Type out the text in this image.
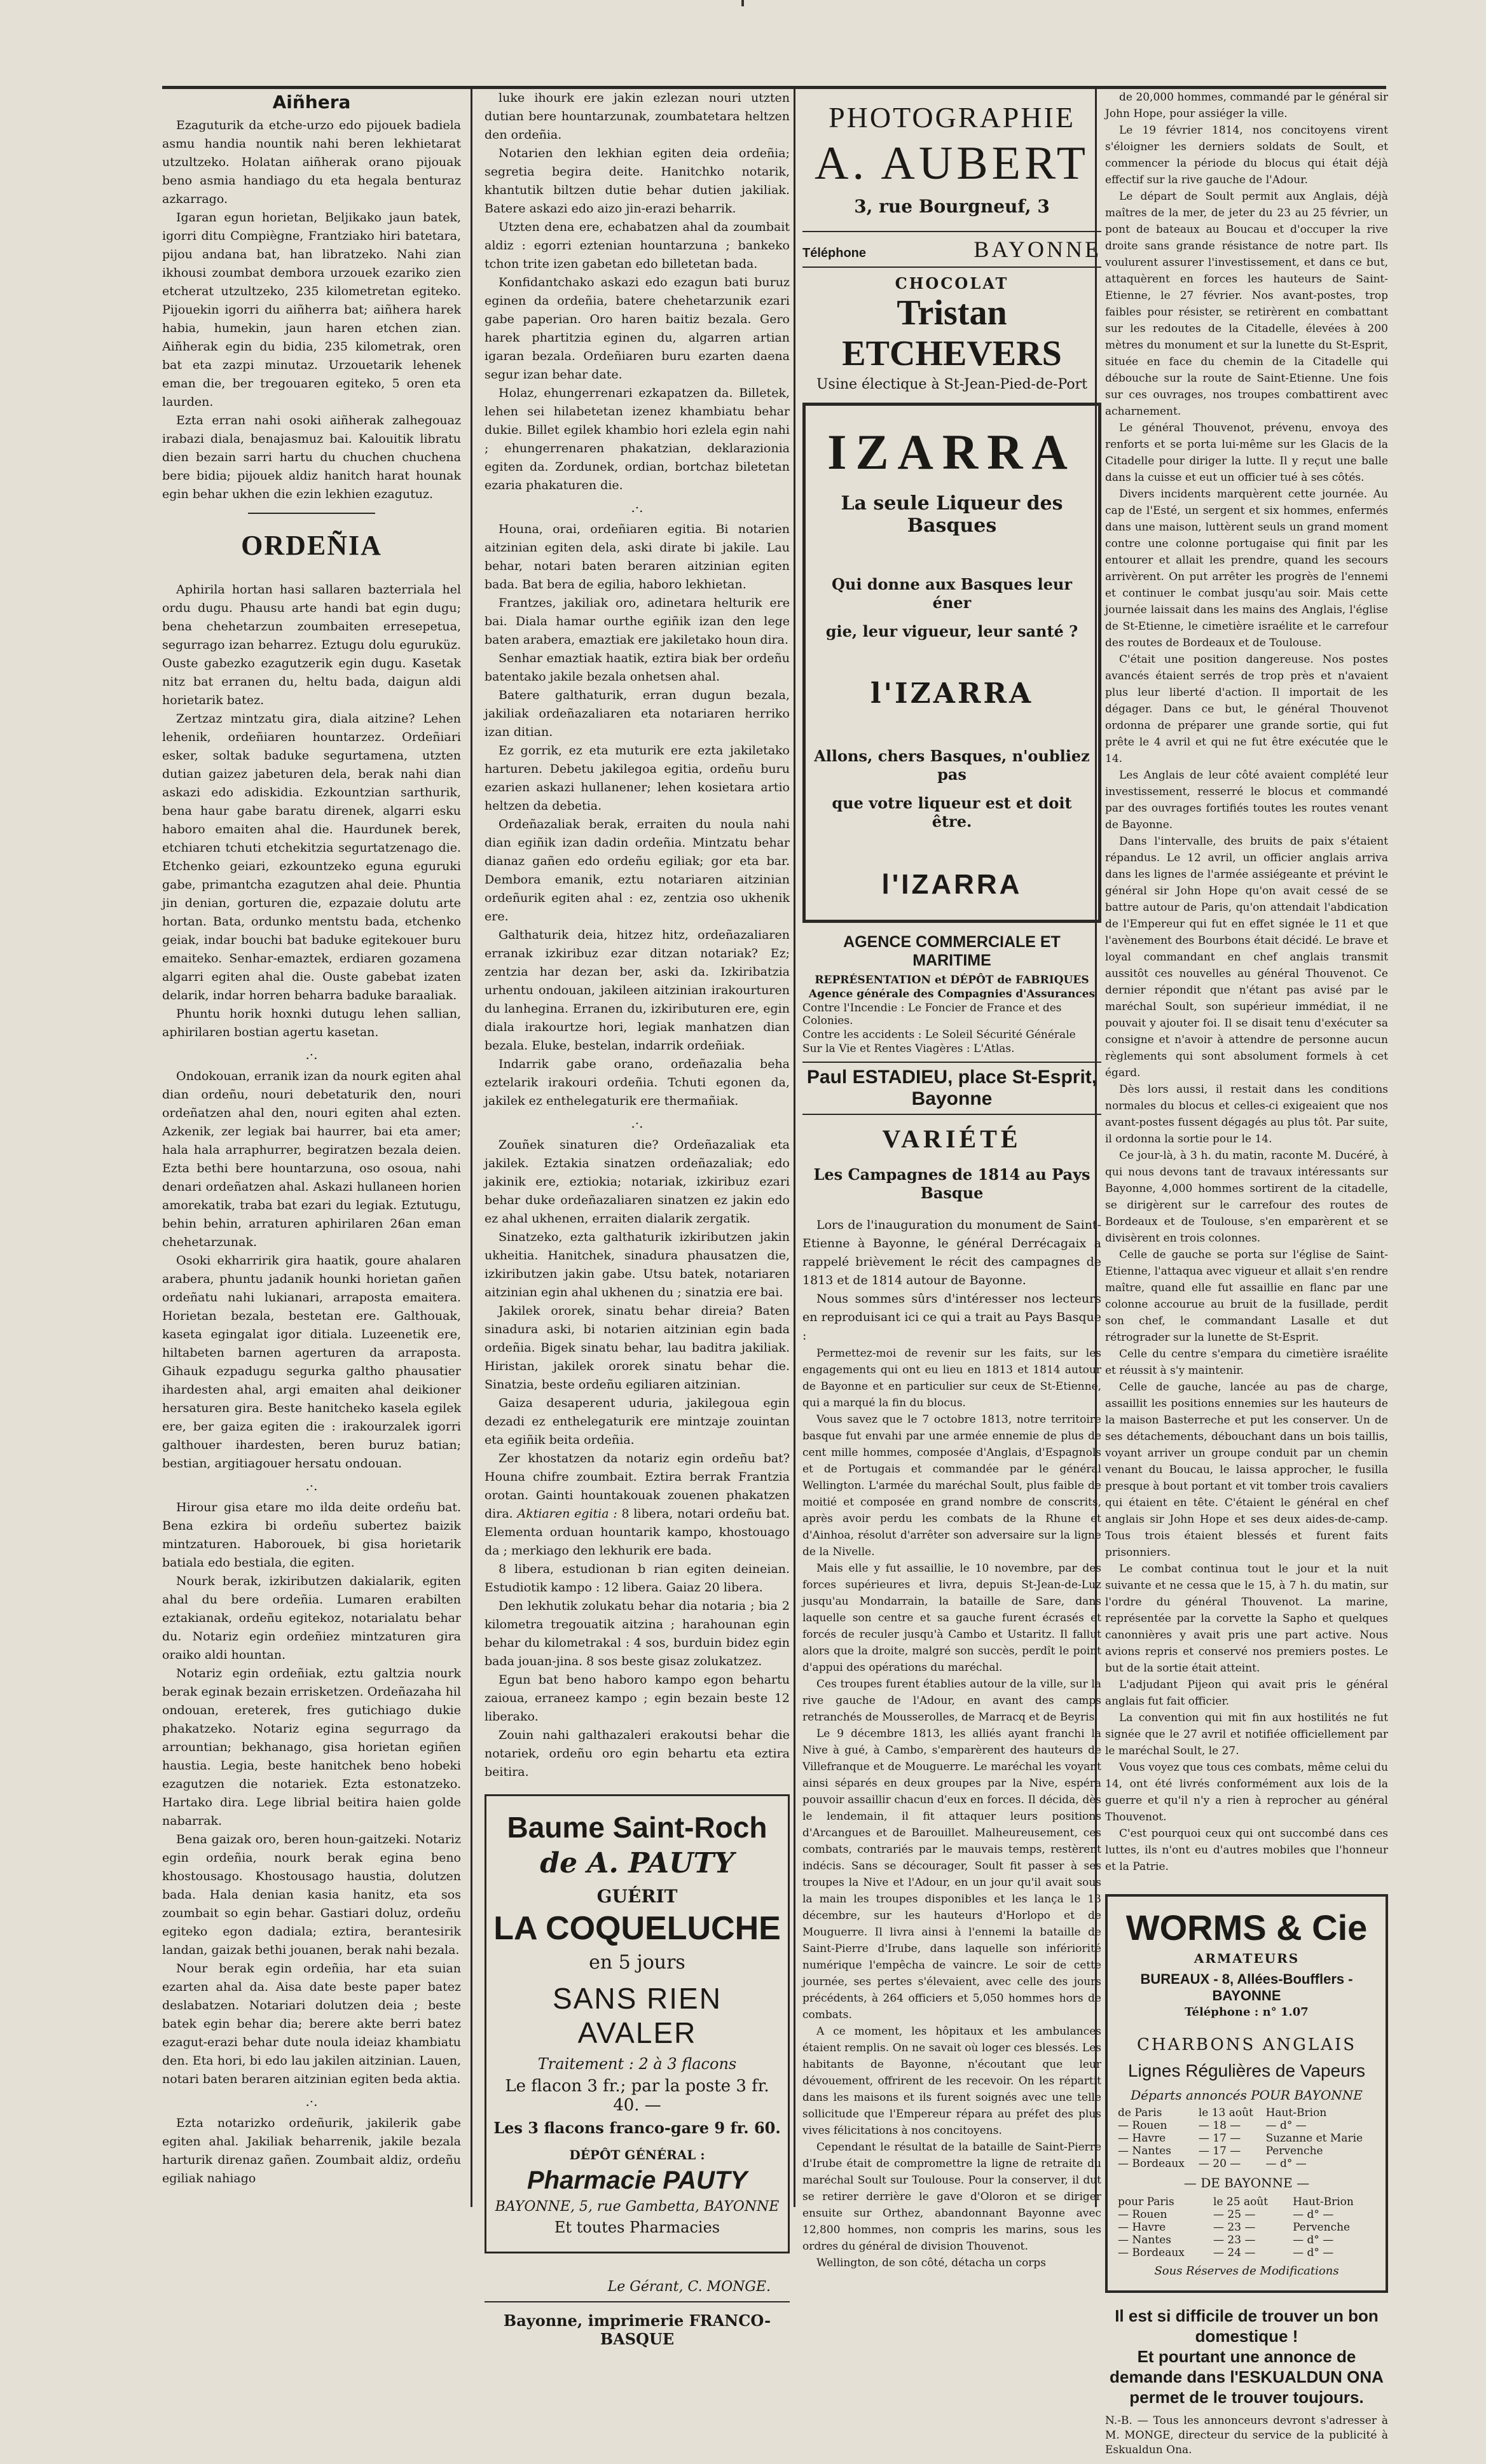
Aiñhera

Ezaguturik da etche-urzo edo pijouek badiela asmu handia nountik nahi beren lekhietarat utzultzeko. Holatan aiñherak orano pijouak beno asmia handiago du eta hegala benturaz azkarrago.

Igaran egun horietan, Beljikako jaun batek, igorri ditu Compiègne, Frantziako hiri batetara, pijou andana bat, han libratzeko. Nahi zian ikhousi zoumbat dembora urzouek ezariko zien etcherat utzultzeko, 235 kilometretan egiteko. Pijouekin igorri du aiñherra bat; aiñhera harek habia, humekin, jaun haren etchen zian. Aiñherak egin du bidia, 235 kilometrak, oren bat eta zazpi minutaz. Urzouetarik lehenek eman die, ber tregouaren egiteko, 5 oren eta laurden.

Ezta erran nahi osoki aiñherak zalhegouaz irabazi diala, benajasmuz bai. Kalouitik libratu dien bezain sarri hartu du chuchen chuchena bere bidia; pijouek aldiz hanitch harat hounak egin behar ukhen die ezin lekhien ezagutuz.

ORDEÑIA

Aphirila hortan hasi sallaren bazterriala hel ordu dugu. Phausu arte handi bat egin dugu; bena chehetarzun zoumbaiten erresepetua, segurrago izan beharrez. Eztugu dolu eguruküz. Ouste gabezko ezagutzerik egin dugu. Kasetak nitz bat erranen du, heltu bada, daigun aldi horietarik batez.

Zertzaz mintzatu gira, diala aitzine? Lehen lehenik, ordeñiaren hountarzez. Ordeñiari esker, soltak baduke segurtamena, utzten dutian gaizez jabeturen dela, berak nahi dian askazi edo adiskidia. Ezkountzian sarthurik, bena haur gabe baratu direnek, algarri esku haboro emaiten ahal die. Haurdunek berek, etchiaren tchuti etchekitzia segurtatzenago die. Etchenko geiari, ezkountzeko eguna eguruki gabe, primantcha ezagutzen ahal deie. Phuntia jin denian, gorturen die, ezpazaie dolutu arte hortan. Bata, ordunko mentstu bada, etchenko geiak, indar bouchi bat baduke egitekouer buru emaiteko. Senhar-emaztek, erdiaren gozamena algarri egiten ahal die. Ouste gabebat izaten delarik, indar horren beharra baduke baraaliak.

Phuntu horik hoxnki dutugu lehen sallian, aphirilaren bostian agertu kasetan.

.·.

Ondokouan, erranik izan da nourk egiten ahal dian ordeñu, nouri debetaturik den, nouri ordeñatzen ahal den, nouri egiten ahal ezten. Azkenik, zer legiak bai haurrer, bai eta amer; hala hala arraphurrer, begiratzen bezala deien. Ezta bethi bere hountarzuna, oso osoua, nahi denari ordeñatzen ahal. Askazi hullaneen horien amorekatik, traba bat ezari du legiak. Eztutugu, behin behin, arraturen aphirilaren 26an eman chehetarzunak.

Osoki ekharririk gira haatik, goure ahalaren arabera, phuntu jadanik hounki horietan gañen ordeñatu nahi lukianari, arraposta emaitera. Horietan bezala, bestetan ere. Galthouak, kaseta egingalat igor ditiala. Luzeenetik ere, hiltabeten barnen agerturen da arraposta. Gihauk ezpadugu segurka galtho phausatier ihardesten ahal, argi emaiten ahal deikioner hersaturen gira. Beste hanitcheko kasela egilek ere, ber gaiza egiten die : irakourzalek igorri galthouer ihardesten, beren buruz batian; bestian, argitiagouer hersatu ondouan.

.·.

Hirour gisa etare mo ilda deite ordeñu bat. Bena ezkira bi ordeñu subertez baizik mintzaturen. Haborouek, bi gisa horietarik batiala edo bestiala, die egiten.

Nourk berak, izkiributzen dakialarik, egiten ahal du bere ordeñia. Lumaren erabilten eztakianak, ordeñu egitekoz, notarialatu behar du. Notariz egin ordeñiez mintzaturen gira oraiko aldi hountan.

Notariz egin ordeñiak, eztu galtzia nourk berak eginak bezain errisketzen. Ordeñazaha hil ondouan, ereterek, fres gutichiago dukie phakatzeko. Notariz egina segurrago da arrountian; bekhanago, gisa horietan egiñen haustia. Legia, beste hanitchek beno hobeki ezagutzen die notariek. Ezta estonatzeko. Hartako dira. Lege librial beitira haien golde nabarrak.

Bena gaizak oro, beren houn-gaitzeki. Notariz egin ordeñia, nourk berak egina beno khostousago. Khostousago haustia, dolutzen bada. Hala denian kasia hanitz, eta sos zoumbait so egin behar. Gastiari doluz, ordeñu egiteko egon dadiala; eztira, berantesirik landan, gaizak bethi jouanen, berak nahi bezala.

Nour berak egin ordeñia, har eta suian ezarten ahal da. Aisa date beste paper batez deslabatzen. Notariari dolutzen deia ; beste batek egin behar dia; berere akte berri batez ezagut-erazi behar dute noula ideiaz khambiatu den. Eta hori, bi edo lau jakilen aitzinian. Lauen, notari baten beraren aitzinian egiten beda aktia.

.·.

Ezta notarizko ordeñurik, jakilerik gabe egiten ahal. Jakiliak beharrenik, jakile bezala harturik direnaz gañen. Zoumbait aldiz, ordeñu egiliak nahiago

luke ihourk ere jakin ezlezan nouri utzten dutian bere hountarzunak, zoumbatetara heltzen den ordeñia.

Notarien den lekhian egiten deia ordeñia; segretia begira deite. Hanitchko notarik, khantutik biltzen dutie behar dutien jakiliak. Batere askazi edo aizo jin-erazi beharrik.

Utzten dena ere, echabatzen ahal da zoumbait aldiz : egorri eztenian hountarzuna ; bankeko tchon trite izen gabetan edo billetetan bada.

Konfidantchako askazi edo ezagun bati buruz eginen da ordeñia, batere chehetarzunik ezari gabe paperian. Oro haren baitiz bezala. Gero harek phartitzia eginen du, algarren artian igaran bezala. Ordeñiaren buru ezarten daena segur izan behar date.

Holaz, ehungerrenari ezkapatzen da. Billetek, lehen sei hilabetetan izenez khambiatu behar dukie. Billet egilek khambio hori ezlela egin nahi ; ehungerrenaren phakatzian, deklarazionia egiten da. Zordunek, ordian, bortchaz biletetan ezaria phakaturen die.

.·.

Houna, orai, ordeñiaren egitia. Bi notarien aitzinian egiten dela, aski dirate bi jakile. Lau behar, notari baten beraren aitzinian egiten bada. Bat bera de egilia, haboro lekhietan.

Frantzes, jakiliak oro, adinetara helturik ere bai. Diala hamar ourthe egiñik izan den lege baten arabera, emaztiak ere jakiletako houn dira.

Senhar emaztiak haatik, eztira biak ber ordeñu batentako jakile bezala onhetsen ahal.

Batere galthaturik, erran dugun bezala, jakiliak ordeñazaliaren eta notariaren herriko izan ditian.

Ez gorrik, ez eta muturik ere ezta jakiletako harturen. Debetu jakilegoa egitia, ordeñu buru ezarien askazi hullanener; lehen kosietara artio heltzen da debetia.

Ordeñazaliak berak, erraiten du noula nahi dian egiñik izan dadin ordeñia. Mintzatu behar dianaz gañen edo ordeñu egiliak; gor eta bar. Dembora emanik, eztu notariaren aitzinian ordeñurik egiten ahal : ez, zentzia oso ukhenik ere.

Galthaturik deia, hitzez hitz, ordeñazaliaren erranak izkiribuz ezar ditzan notariak? Ez; zentzia har dezan ber, aski da. Izkiribatzia urhentu ondouan, jakileen aitzinian irakourturen du lanhegina. Erranen du, izkiributuren ere, egin diala irakourtze hori, legiak manhatzen dian bezala. Eluke, bestelan, indarrik ordeñiak.

Indarrik gabe orano, ordeñazalia beha eztelarik irakouri ordeñia. Tchuti egonen da, jakilek ez enthelegaturik ere thermañiak.

.·.

Zouñek sinaturen die? Ordeñazaliak eta jakilek. Eztakia sinatzen ordeñazaliak; edo jakinik ere, eztiokia; notariak, izkiribuz ezari behar duke ordeñazaliaren sinatzen ez jakin edo ez ahal ukhenen, erraiten dialarik zergatik.

Sinatzeko, ezta galthaturik izkiributzen jakin ukheitia. Hanitchek, sinadura phausatzen die, izkiributzen jakin gabe. Utsu batek, notariaren aitzinian egin ahal ukhenen du ; sinatzia ere bai.

Jakilek ororek, sinatu behar direia? Baten sinadura aski, bi notarien aitzinian egin bada ordeñia. Bigek sinatu behar, lau baditra jakiliak. Hiristan, jakilek ororek sinatu behar die. Sinatzia, beste ordeñu egiliaren aitzinian.

Gaiza desaperent uduria, jakilegoua egin dezadi ez enthelegaturik ere mintzaje zouintan eta egiñik beita ordeñia.

Zer khostatzen da notariz egin ordeñu bat? Houna chifre zoumbait. Eztira berrak Frantzia orotan. Gainti hountakouak zouenen phakatzen dira. Aktiaren egitia : 8 libera, notari ordeñu bat. Elementa orduan hountarik kampo, khostouago da ; merkiago den lekhurik ere bada.

8 libera, estudionan b rian egiten deineian. Estudiotik kampo : 12 libera. Gaiaz 20 libera.

Den lekhutik zolukatu behar dia notaria ; bia 2 kilometra tregouatik aitzina ; harahounan egin behar du kilometrakal : 4 sos, burduin bidez egin bada jouan-jina. 8 sos beste gisaz zolukatzez.

Egun bat beno haboro kampo egon behartu zaioua, erraneez kampo ; egin bezain beste 12 liberako.

Zouin nahi galthazaleri erakoutsi behar die notariek, ordeñu oro egin behartu eta eztira beitira.

Baume Saint-Roch
de A. PAUTY
GUÉRIT
LA COQUELUCHE
en 5 jours
SANS RIEN AVALER
Traitement : 2 à 3 flacons
Le flacon 3 fr.; par la poste 3 fr. 40. —
Les 3 flacons franco-gare 9 fr. 60.
DÉPÔT GÉNÉRAL :
Pharmacie PAUTY
BAYONNE, 5, rue Gambetta, BAYONNE
Et toutes Pharmacies
Le Gérant, C. MONGE.
Bayonne, imprimerie FRANCO-BASQUE
PHOTOGRAPHIE
A. AUBERT
3, rue Bourgneuf, 3
Téléphone	BAYONNE
CHOCOLAT
Tristan ETCHEVERS
Usine électique à St-Jean-Pied-de-Port
IZARRA
La seule Liqueur des Basques
Qui donne aux Basques leur éner
gie, leur vigueur, leur santé ?
l'IZARRA
Allons, chers Basques, n'oubliez pas
que votre liqueur est et doit être.
l'IZARRA
AGENCE COMMERCIALE ET MARITIME
REPRÉSENTATION et DÉPÔT de FABRIQUES
Agence générale des Compagnies d'Assurances
Contre l'Incendie : Le Foncier de France et des Colonies.
Contre les accidents : Le Soleil Sécurité Générale
Sur la Vie et Rentes Viagères : L'Atlas.
Paul ESTADIEU, place St-Esprit, Bayonne
VARIÉTÉ
Les Campagnes de 1814 au Pays Basque

Lors de l'inauguration du monument de Saint-Etienne à Bayonne, le général Derrécagaix a rappelé brièvement le récit des campagnes de 1813 et de 1814 autour de Bayonne.

Nous sommes sûrs d'intéresser nos lecteurs en reproduisant ici ce qui a trait au Pays Basque :

Permettez-moi de revenir sur les faits, sur les engagements qui ont eu lieu en 1813 et 1814 autour de Bayonne et en particulier sur ceux de St-Etienne, qui a marqué la fin du blocus.

Vous savez que le 7 octobre 1813, notre territoire basque fut envahi par une armée ennemie de plus de cent mille hommes, composée d'Anglais, d'Espagnols et de Portugais et commandée par le général Wellington. L'armée du maréchal Soult, plus faible de moitié et composée en grand nombre de conscrits, après avoir perdu les combats de la Rhune et d'Ainhoa, résolut d'arrêter son adversaire sur la ligne de la Nivelle.

Mais elle y fut assaillie, le 10 novembre, par des forces supérieures et livra, depuis St-Jean-de-Luz jusqu'au Mondarrain, la bataille de Sare, dans laquelle son centre et sa gauche furent écrasés et forcés de reculer jusqu'à Cambo et Ustaritz. Il fallut alors que la droite, malgré son succès, perdît le point d'appui des opérations du maréchal.

Ces troupes furent établies autour de la ville, sur la rive gauche de l'Adour, en avant des camps retranchés de Mousserolles, de Marracq et de Beyris.

Le 9 décembre 1813, les alliés ayant franchi la Nive à gué, à Cambo, s'emparèrent des hauteurs de Villefranque et de Mouguerre. Le maréchal les voyant ainsi séparés en deux groupes par la Nive, espéra pouvoir assaillir chacun d'eux en forces. Il décida, dès le lendemain, il fit attaquer leurs positions d'Arcangues et de Barouillet. Malheureusement, ces combats, contrariés par le mauvais temps, restèrent indécis. Sans se décourager, Soult fit passer à ses troupes la Nive et l'Adour, en un jour qu'il avait sous la main les troupes disponibles et les lança le 13 décembre, sur les hauteurs d'Horlopo et de Mouguerre. Il livra ainsi à l'ennemi la bataille de Saint-Pierre d'Irube, dans laquelle son infériorité numérique l'empêcha de vaincre. Le soir de cette journée, ses pertes s'élevaient, avec celle des jours précédents, à 264 officiers et 5,050 hommes hors de combats.

A ce moment, les hôpitaux et les ambulances étaient remplis. On ne savait où loger ces blessés. Les habitants de Bayonne, n'écoutant que leur dévouement, offrirent de les recevoir. On les répartit dans les maisons et ils furent soignés avec une telle sollicitude que l'Empereur répara au préfet des plus vives félicitations à nos concitoyens.

Cependant le résultat de la bataille de Saint-Pierre d'Irube était de compromettre la ligne de retraite du maréchal Soult sur Toulouse. Pour la conserver, il dut se retirer derrière le gave d'Oloron et se diriger ensuite sur Orthez, abandonnant Bayonne avec 12,800 hommes, non compris les marins, sous les ordres du général de division Thouvenot.

Wellington, de son côté, détacha un corps

de 20,000 hommes, commandé par le général sir John Hope, pour assiéger la ville.

Le 19 février 1814, nos concitoyens virent s'éloigner les derniers soldats de Soult, et commencer la période du blocus qui était déjà effectif sur la rive gauche de l'Adour.

Le départ de Soult permit aux Anglais, déjà maîtres de la mer, de jeter du 23 au 25 février, un pont de bateaux au Boucau et d'occuper la rive droite sans grande résistance de notre part. Ils voulurent assurer l'investissement, et dans ce but, attaquèrent en forces les hauteurs de Saint-Etienne, le 27 février. Nos avant-postes, trop faibles pour résister, se retirèrent en combattant sur les redoutes de la Citadelle, élevées à 200 mètres du monument et sur la lunette du St-Esprit, située en face du chemin de la Citadelle qui débouche sur la route de Saint-Etienne. Une fois sur ces ouvrages, nos troupes combattirent avec acharnement.

Le général Thouvenot, prévenu, envoya des renforts et se porta lui-même sur les Glacis de la Citadelle pour diriger la lutte. Il y reçut une balle dans la cuisse et eut un officier tué à ses côtés.

Divers incidents marquèrent cette journée. Au cap de l'Esté, un sergent et six hommes, enfermés dans une maison, luttèrent seuls un grand moment contre une colonne portugaise qui finit par les entourer et allait les prendre, quand les secours arrivèrent. On put arrêter les progrès de l'ennemi et continuer le combat jusqu'au soir. Mais cette journée laissait dans les mains des Anglais, l'église de St-Etienne, le cimetière israélite et le carrefour des routes de Bordeaux et de Toulouse.

C'était une position dangereuse. Nos postes avancés étaient serrés de trop près et n'avaient plus leur liberté d'action. Il importait de les dégager. Dans ce but, le général Thouvenot ordonna de préparer une grande sortie, qui fut prête le 4 avril et qui ne fut être exécutée que le 14.

Les Anglais de leur côté avaient complété leur investissement, resserré le blocus et commandé par des ouvrages fortifiés toutes les routes venant de Bayonne.

Dans l'intervalle, des bruits de paix s'étaient répandus. Le 12 avril, un officier anglais arriva dans les lignes de l'armée assiégeante et prévint le général sir John Hope qu'on avait cessé de se battre autour de Paris, qu'on attendait l'abdication de l'Empereur qui fut en effet signée le 11 et que l'avènement des Bourbons était décidé. Le brave et loyal commandant en chef anglais transmit aussitôt ces nouvelles au général Thouvenot. Ce dernier répondit que n'étant pas avisé par le maréchal Soult, son supérieur immédiat, il ne pouvait y ajouter foi. Il se disait tenu d'exécuter sa consigne et n'avoir à attendre de personne aucun règlements qui sont absolument formels à cet égard.

Dès lors aussi, il restait dans les conditions normales du blocus et celles-ci exigeaient que nos avant-postes fussent dégagés au plus tôt. Par suite, il ordonna la sortie pour le 14.

Ce jour-là, à 3 h. du matin, raconte M. Ducéré, à qui nous devons tant de travaux intéressants sur Bayonne, 4,000 hommes sortirent de la citadelle, se dirigèrent sur le carrefour des routes de Bordeaux et de Toulouse, s'en emparèrent et se divisèrent en trois colonnes.

Celle de gauche se porta sur l'église de Saint-Etienne, l'attaqua avec vigueur et allait s'en rendre maître, quand elle fut assaillie en flanc par une colonne accourue au bruit de la fusillade, perdit son chef, le commandant Lasalle et dut rétrograder sur la lunette de St-Esprit.

Celle du centre s'empara du cimetière israélite et réussit à s'y maintenir.

Celle de gauche, lancée au pas de charge, assaillit les positions ennemies sur les hauteurs de la maison Basterreche et put les conserver. Un de ses détachements, débouchant dans un bois taillis, voyant arriver un groupe conduit par un chemin venant du Boucau, le laissa approcher, le fusilla presque à bout portant et vit tomber trois cavaliers qui étaient en tête. C'étaient le général en chef anglais sir John Hope et ses deux aides-de-camp. Tous trois étaient blessés et furent faits prisonniers.

Le combat continua tout le jour et la nuit suivante et ne cessa que le 15, à 7 h. du matin, sur l'ordre du général Thouvenot. La marine, représentée par la corvette la Sapho et quelques canonnières y avait pris une part active. Nous avions repris et conservé nos premiers postes. Le but de la sortie était atteint.

L'adjudant Pijeon qui avait pris le général anglais fut fait officier.

La convention qui mit fin aux hostilités ne fut signée que le 27 avril et notifiée officiellement par le maréchal Soult, le 27.

Vous voyez que tous ces combats, même celui du 14, ont été livrés conformément aux lois de la guerre et qu'il n'y a rien à reprocher au général Thouvenot.

C'est pourquoi ceux qui ont succombé dans ces luttes, ils n'ont eu d'autres mobiles que l'honneur et la Patrie.

WORMS & Cie
ARMATEURS
BUREAUX - 8, Allées-Boufflers - BAYONNE
Téléphone : n° 1.07
CHARBONS ANGLAIS
Lignes Régulières de Vapeurs
Départs annoncés POUR BAYONNE
de Paris	le 13 août	Haut-Brion
— Rouen	— 18 —	— d° —
— Havre	— 17 —	Suzanne et Marie
— Nantes	— 17 —	Pervenche
— Bordeaux	— 20 —	— d° —
— DE BAYONNE —
pour Paris	le 25 août	Haut-Brion
— Rouen	— 25 —	— d° —
— Havre	— 23 —	Pervenche
— Nantes	— 23 —	— d° —
— Bordeaux	— 24 —	— d° —
Sous Réserves de Modifications
Il est si difficile de trouver un bon domestique !
Et pourtant une annonce de demande dans l'ESKUALDUN ONA permet de le trouver toujours.
N.-B. — Tous les annonceurs devront s'adresser à M. MONGE, directeur du service de la publicité à Eskualdun Ona.
